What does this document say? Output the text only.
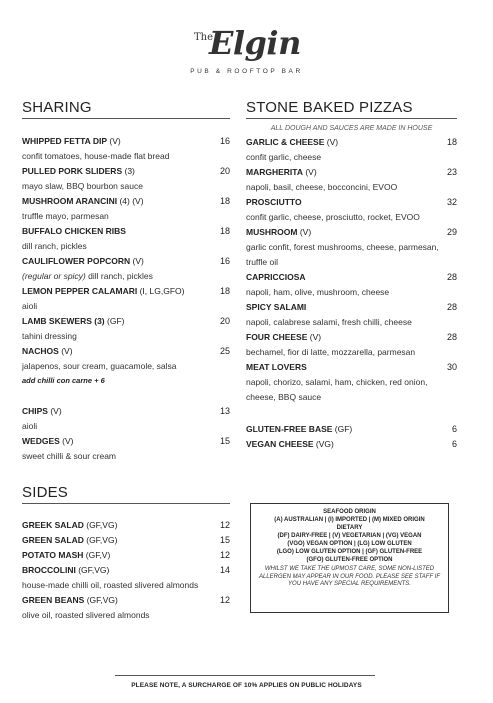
The
Elgin
PUB & ROOFTOP BAR
SHARING
WHIPPED FETTA DIP (V)	16
confit tomatoes, house-made flat bread
PULLED PORK SLIDERS (3)	20
mayo slaw, BBQ bourbon sauce
MUSHROOM ARANCINI (4) (V)	18
truffle mayo, parmesan
BUFFALO CHICKEN RIBS	18
dill ranch, pickles
CAULIFLOWER POPCORN (V)	16
(regular or spicy) dill ranch, pickles
LEMON PEPPER CALAMARI (I, LG,GFO)	18
aioli
LAMB SKEWERS (3) (GF)	20
tahini dressing
NACHOS (V)	25
jalapenos, sour cream, guacamole, salsa
add chilli con carne + 6
CHIPS (V)	13
aioli
WEDGES (V)	15
sweet chilli & sour cream
SIDES
GREEK SALAD (GF,VG)	12
GREEN SALAD (GF,VG)	15
POTATO MASH (GF,V)	12
BROCCOLINI (GF,VG)	14
house-made chilli oil, roasted slivered almonds
GREEN BEANS (GF,VG)	12
olive oil, roasted slivered almonds
STONE BAKED PIZZAS
ALL DOUGH AND SAUCES ARE MADE IN HOUSE
GARLIC & CHEESE (V)	18
confit garlic, cheese
MARGHERITA (V)	23
napoli, basil, cheese, bocconcini, EVOO
PROSCIUTTO	32
confit garlic, cheese, prosciutto, rocket, EVOO
MUSHROOM (V)	29
garlic confit, forest mushrooms, cheese, parmesan, truffle oil
CAPRICCIOSA	28
napoli, ham, olive, mushroom, cheese
SPICY SALAMI	28
napoli, calabrese salami, fresh chilli, cheese
FOUR CHEESE (V)	28
bechamel, fior di latte, mozzarella, parmesan
MEAT LOVERS	30
napoli, chorizo, salami, ham, chicken, red onion, cheese, BBQ sauce
GLUTEN-FREE BASE (GF)	6
VEGAN CHEESE (VG)	6
SEAFOOD ORIGIN
(A) AUSTRALIAN | (I) IMPORTED | (M) MIXED ORIGIN
DIETARY
(DF) DAIRY-FREE | (V) VEGETARIAN | (VG) VEGAN
(VGO) VEGAN OPTION | (LG) LOW GLUTEN
(LGO) LOW GLUTEN OPTION | (GF) GLUTEN-FREE
(GFO) GLUTEN-FREE OPTION
WHILST WE TAKE THE UPMOST CARE, SOME NON-LISTED ALLERGEN MAY APPEAR IN OUR FOOD. PLEASE SEE STAFF IF YOU HAVE ANY SPECIAL REQUIREMENTS.
PLEASE NOTE, A SURCHARGE OF 10% APPLIES ON PUBLIC HOLIDAYS
